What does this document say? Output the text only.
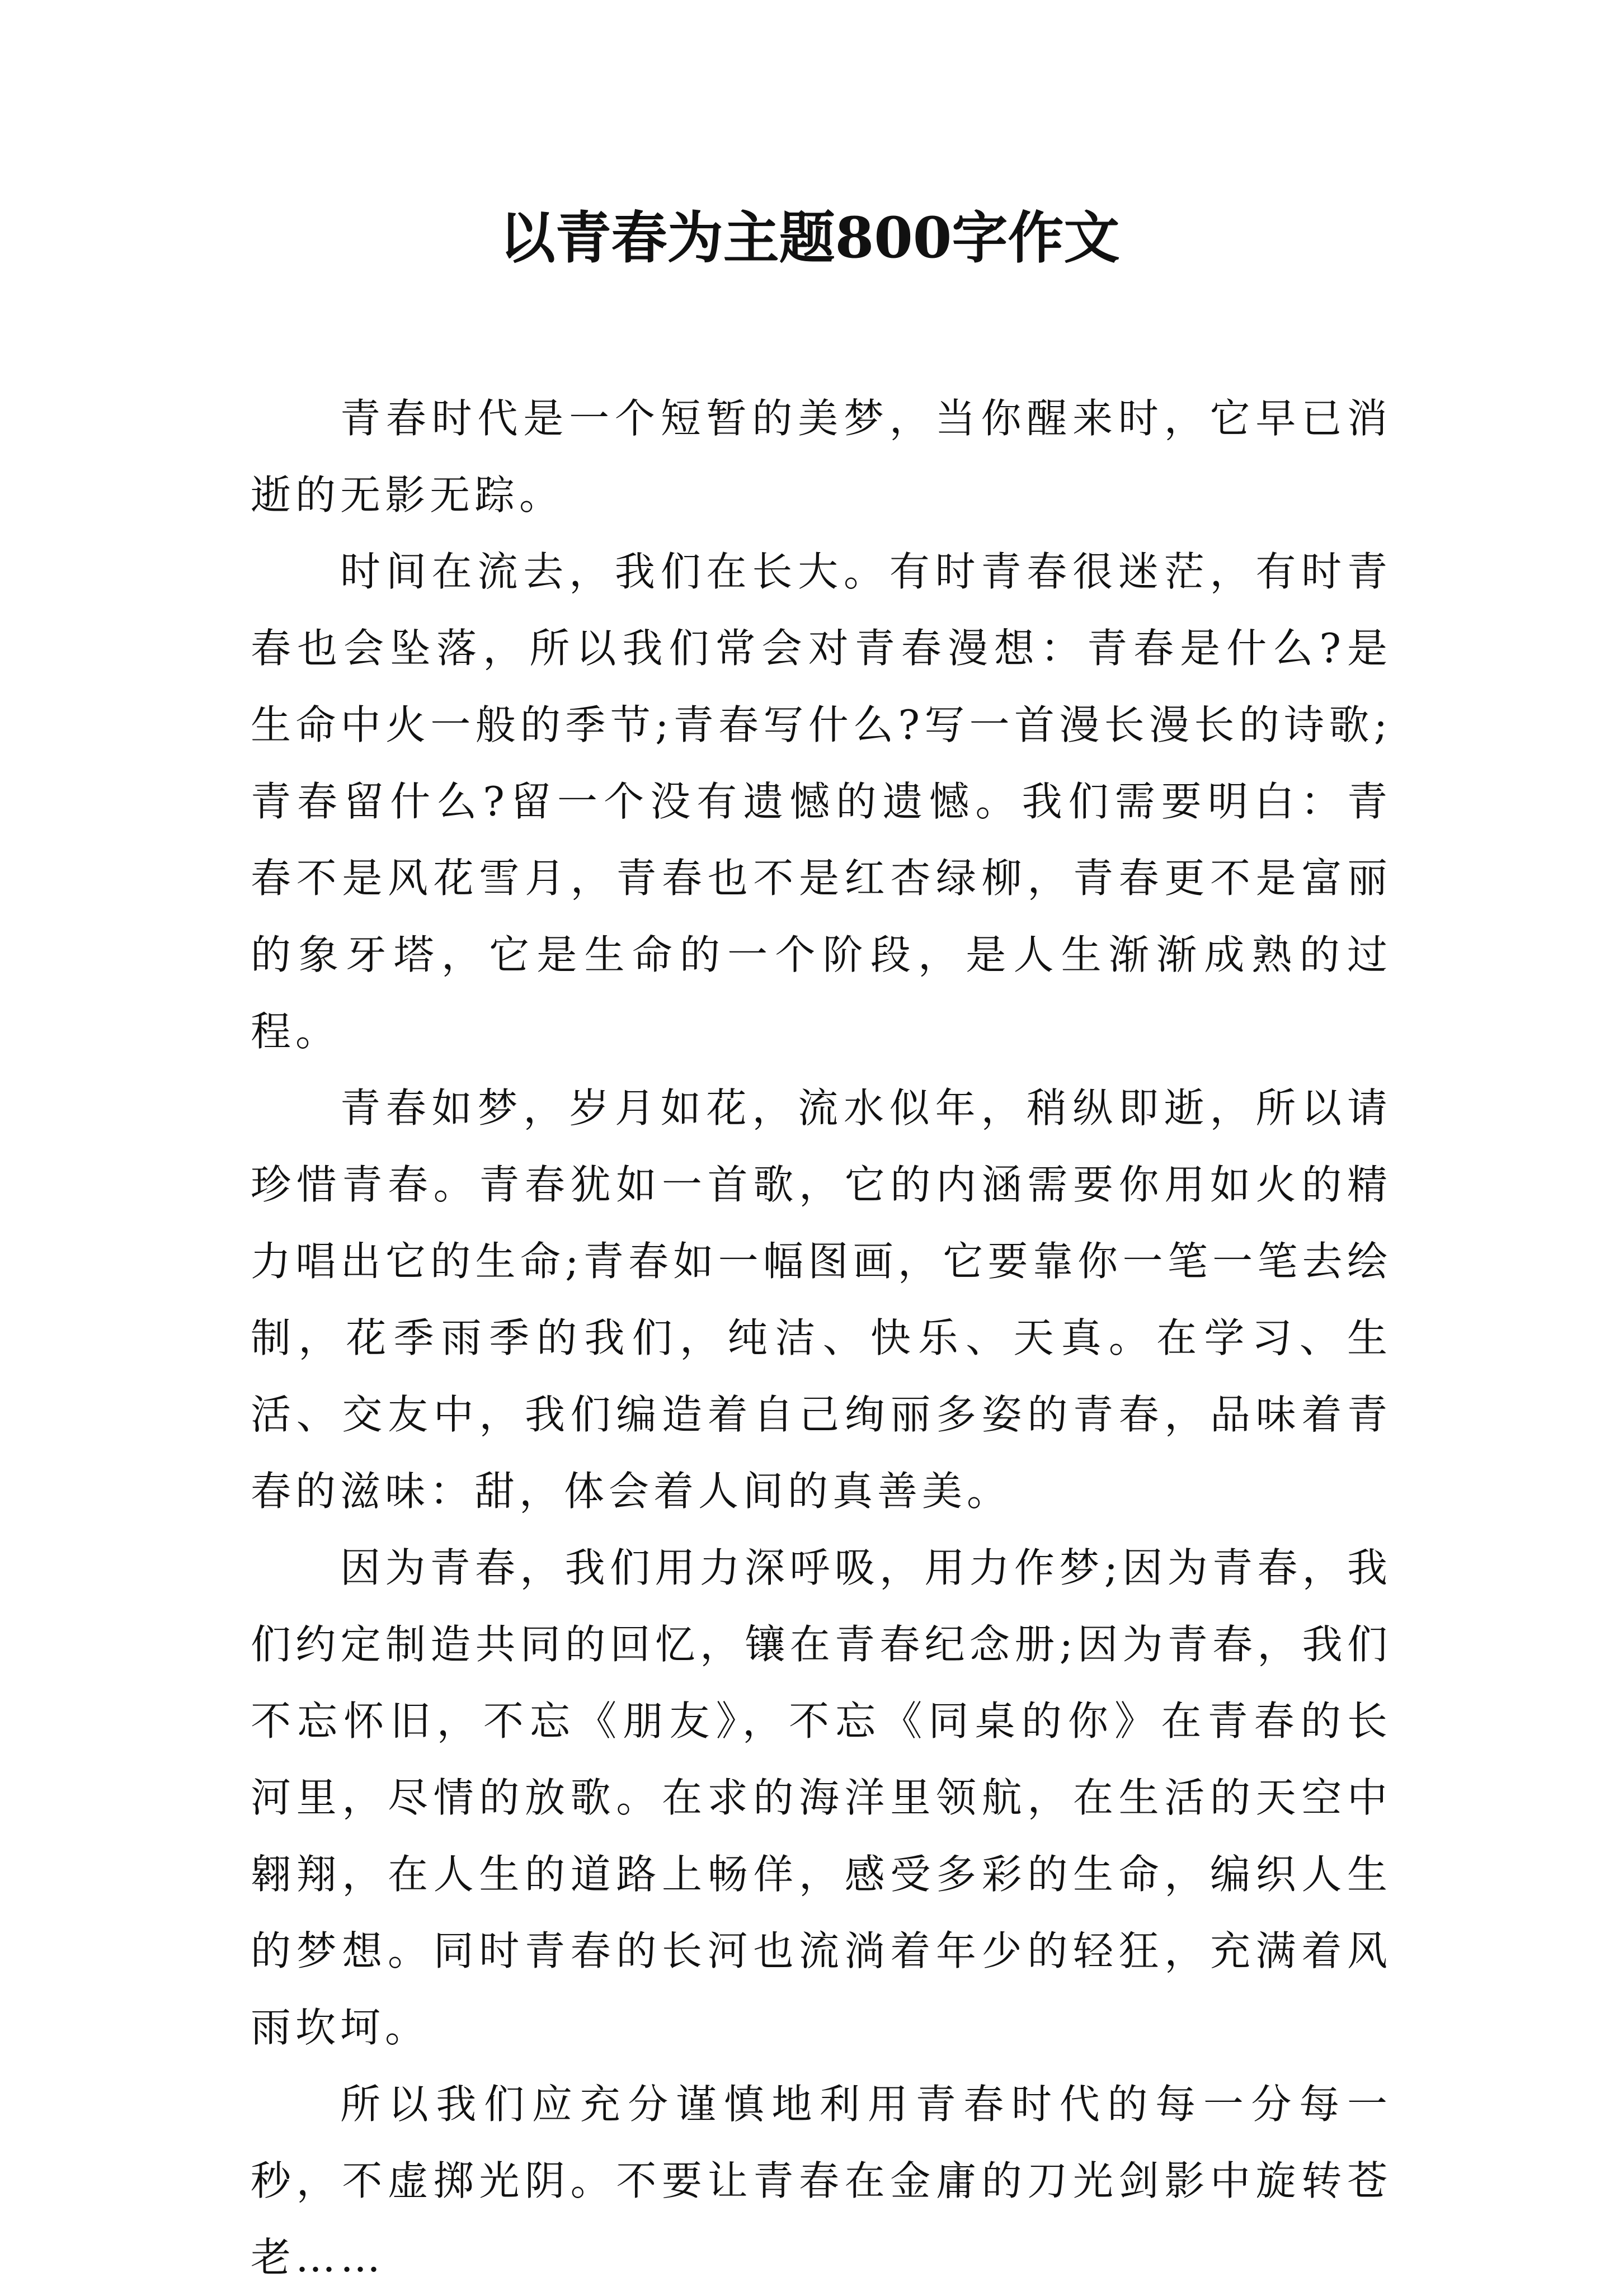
以青春为主题800字作文

青春时代是一个短暂的美梦，当你醒来时，它早已消逝的无影无踪。

时间在流去，我们在长大。有时青春很迷茫，有时青春也会坠落，所以我们常会对青春漫想：青春是什么?是生命中火一般的季节;青春写什么?写一首漫长漫长的诗歌;青春留什么?留一个没有遗憾的遗憾。我们需要明白：青春不是风花雪月，青春也不是红杏绿柳，青春更不是富丽的象牙塔，它是生命的一个阶段，是人生渐渐成熟的过程。

青春如梦，岁月如花，流水似年，稍纵即逝，所以请珍惜青春。青春犹如一首歌，它的内涵需要你用如火的精力唱出它的生命;青春如一幅图画，它要靠你一笔一笔去绘制，花季雨季的我们，纯洁、快乐、天真。在学习、生活、交友中，我们编造着自己绚丽多姿的青春，品味着青春的滋味：甜，体会着人间的真善美。

因为青春，我们用力深呼吸，用力作梦;因为青春，我们约定制造共同的回忆，镶在青春纪念册;因为青春，我们不忘怀旧，不忘《朋友》，不忘《同桌的你》在青春的长河里，尽情的放歌。在求的海洋里领航，在生活的天空中翱翔，在人生的道路上畅佯，感受多彩的生命，编织人生的梦想。同时青春的长河也流淌着年少的轻狂，充满着风雨坎坷。

所以我们应充分谨慎地利用青春时代的每一分每一秒，不虚掷光阴。不要让青春在金庸的刀光剑影中旋转苍老……
